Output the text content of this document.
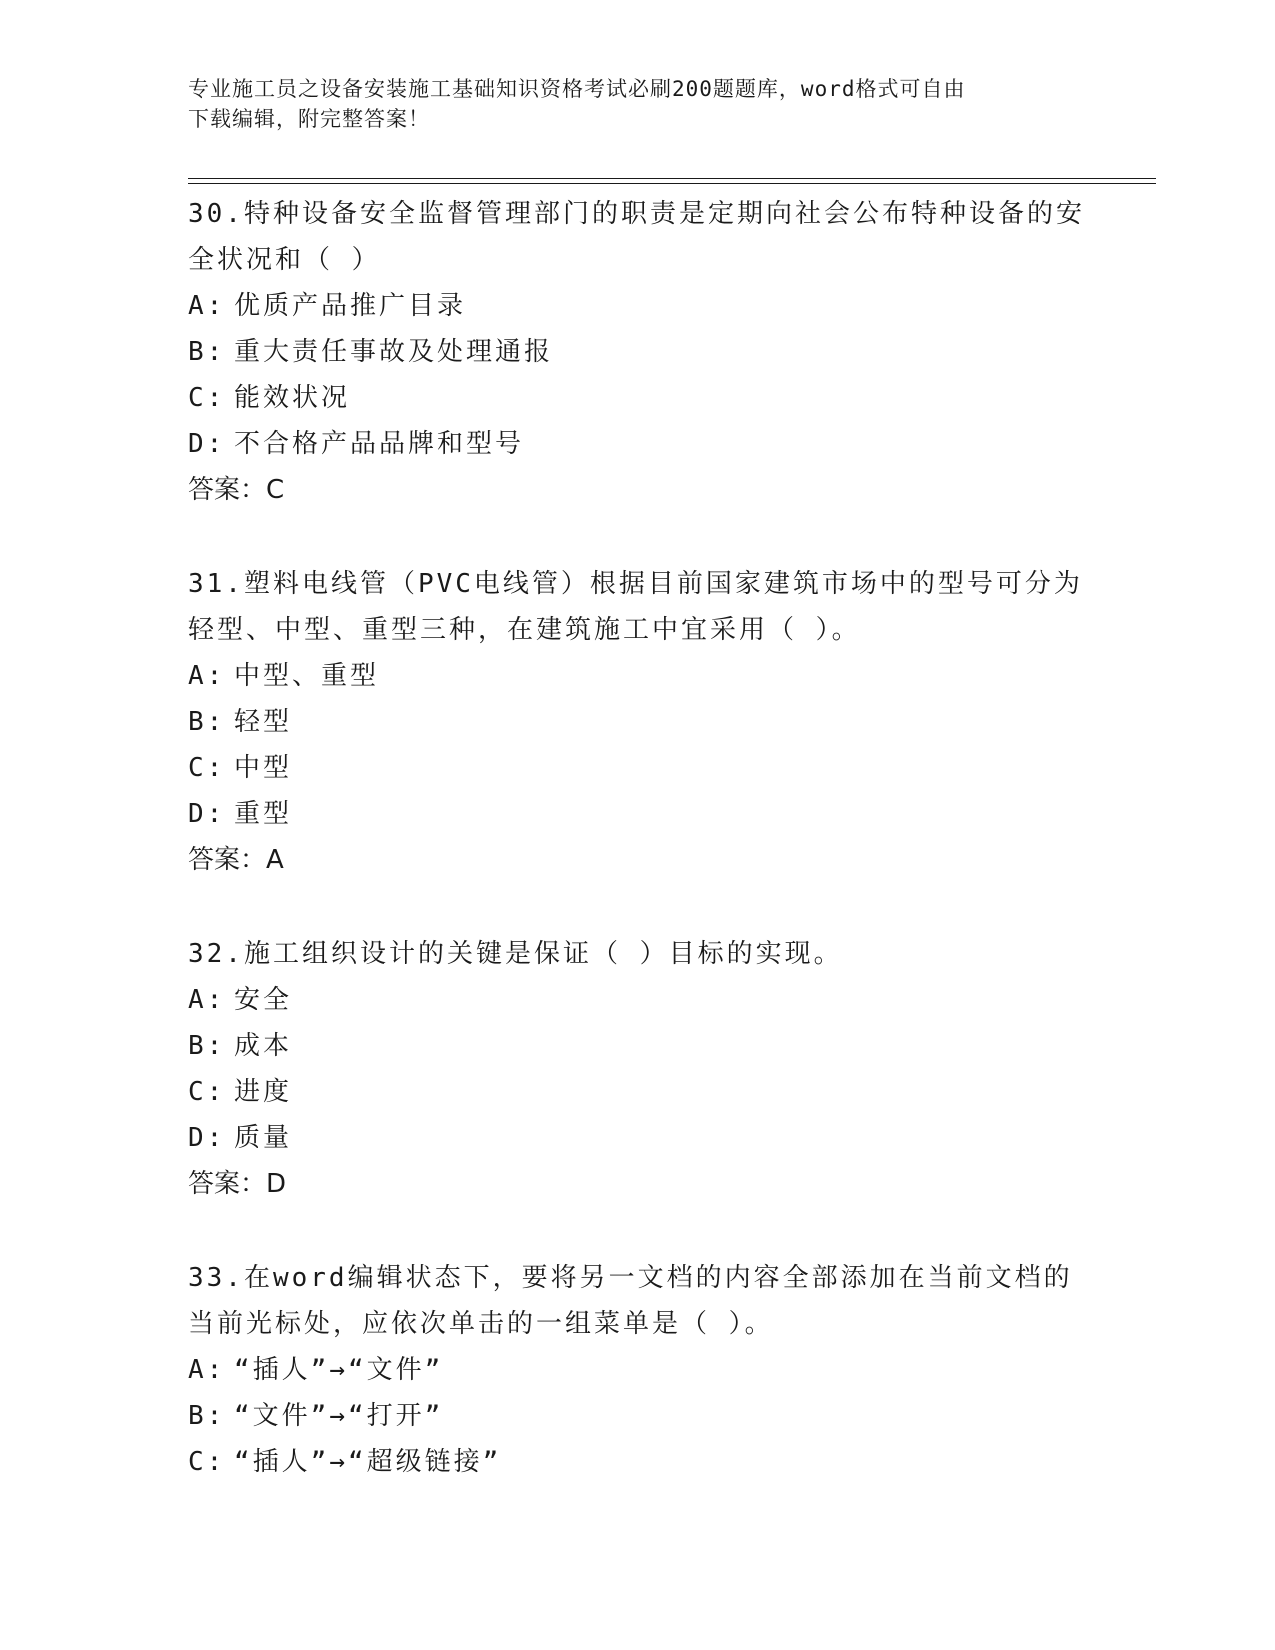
专业施工员之设备安装施工基础知识资格考试必刷200题题库，word格式可自由
下载编辑，附完整答案！
30.特种设备安全监督管理部门的职责是定期向社会公布特种设备的安
全状况和（ ）
A: 优质产品推广目录
B: 重大责任事故及处理通报
C: 能效状况
D: 不合格产品品牌和型号
答案：C
31.塑料电线管（PVC电线管）根据目前国家建筑市场中的型号可分为
轻型、中型、重型三种，在建筑施工中宜采用（ ）。
A: 中型、重型
B: 轻型
C: 中型
D: 重型
答案：A
32.施工组织设计的关键是保证（ ）目标的实现。
A: 安全
B: 成本
C: 进度
D: 质量
答案：D
33.在word编辑状态下，要将另一文档的内容全部添加在当前文档的
当前光标处，应依次单击的一组菜单是（ ）。
A: “插人”→“文件”
B: “文件”→“打开”
C: “插人”→“超级链接”
